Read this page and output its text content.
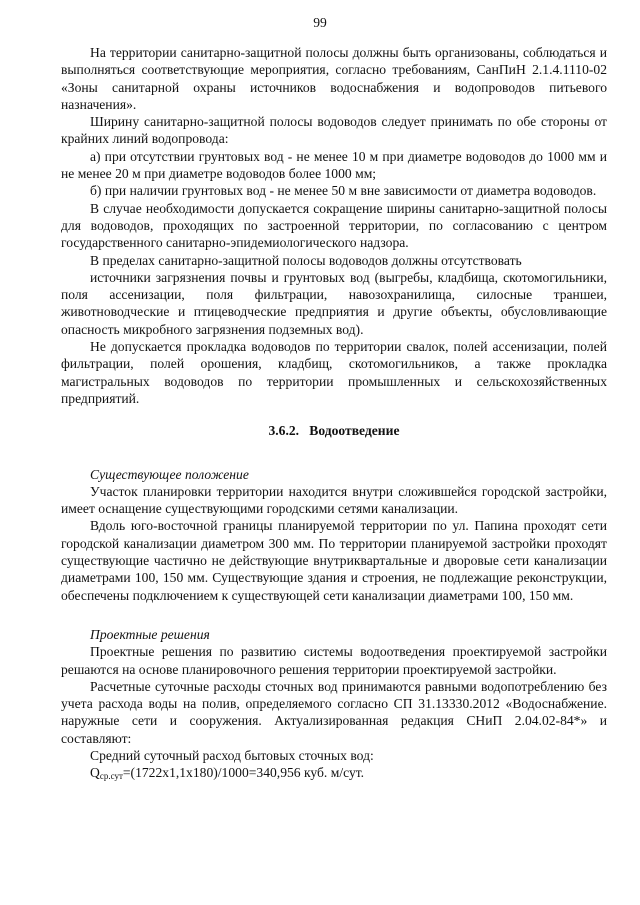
99

На территории санитарно-защитной полосы должны быть организованы, соблюдаться и выполняться соответствующие мероприятия, согласно требованиям, СанПиН 2.1.4.1110-02 «Зоны санитарной охраны источников водоснабжения и водопроводов питьевого назначения».

Ширину санитарно-защитной полосы водоводов следует принимать по обе стороны от крайних линий водопровода:

а) при отсутствии грунтовых вод - не менее 10 м при диаметре водоводов до 1000 мм и не менее 20 м при диаметре водоводов более 1000 мм;

б) при наличии грунтовых вод - не менее 50 м вне зависимости от диаметра водоводов.

В случае необходимости допускается сокращение ширины санитарно-защитной полосы для водоводов, проходящих по застроенной территории, по согласованию с центром государственного санитарно-эпидемиологического надзора.

В пределах санитарно-защитной полосы водоводов должны отсутствовать

источники загрязнения почвы и грунтовых вод (выгребы, кладбища, скотомогильники, поля ассенизации, поля фильтрации, навозохранилища, силосные траншеи, животноводческие и птицеводческие предприятия и другие объекты, обусловливающие опасность микробного загрязнения подземных вод).

Не допускается прокладка водоводов по территории свалок, полей ассенизации, полей фильтрации, полей орошения, кладбищ, скотомогильников, а также прокладка магистральных водоводов по территории промышленных и сельскохозяйственных предприятий.

3.6.2. Водоотведение

Существующее положение

Участок планировки территории находится внутри сложившейся городской застройки, имеет оснащение существующими городскими сетями канализации.

Вдоль юго-восточной границы планируемой территории по ул. Папина проходят сети городской канализации диаметром 300 мм. По территории планируемой застройки проходят существующие частично не действующие внутриквартальные и дворовые сети канализации диаметрами 100, 150 мм. Существующие здания и строения, не подлежащие реконструкции, обеспечены подключением к существующей сети канализации диаметрами 100, 150 мм.

Проектные решения

Проектные решения по развитию системы водоотведения проектируемой застройки решаются на основе планировочного решения территории проектируемой застройки.

Расчетные суточные расходы сточных вод принимаются равными водопотреблению без учета расхода воды на полив, определяемого согласно СП 31.13330.2012 «Водоснабжение. наружные сети и сооружения. Актуализированная редакция СНиП 2.04.02-84*» и составляют:

Средний суточный расход бытовых сточных вод:

$Q_{ср.сут}=(1722х1,1х180)/1000=340,956$ куб. м/сут.
